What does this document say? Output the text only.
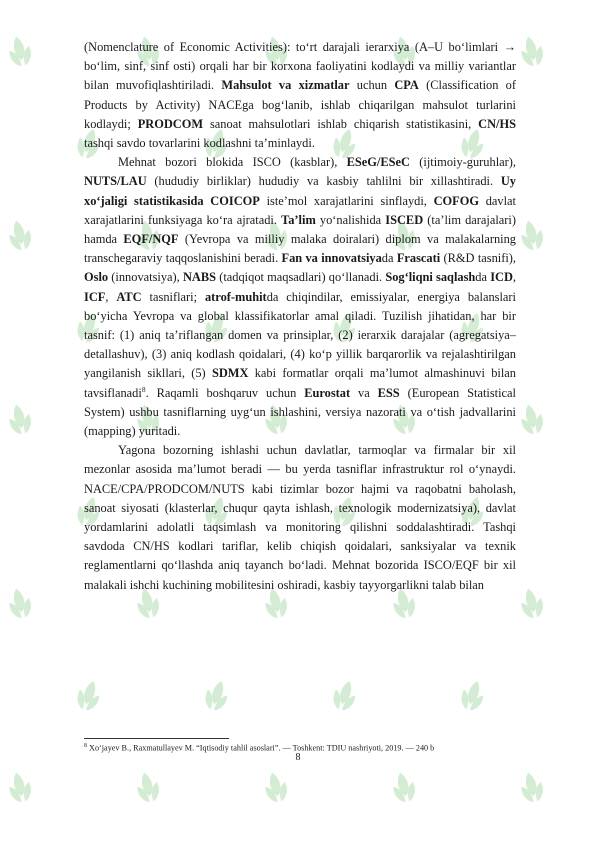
(Nomenclature of Economic Activities): to‘rt darajali ierarxiya (A–U bo‘limlari → bo‘lim, sinf, sinf osti) orqali har bir korxona faoliyatini kodlaydi va milliy variantlar bilan muvofiqlashtiriladi. Mahsulot va xizmatlar uchun CPA (Classification of Products by Activity) NACEga bog‘lanib, ishlab chiqarilgan mahsulot turlarini kodlaydi; PRODCOM sanoat mahsulotlari ishlab chiqarish statistikasini, CN/HS tashqi savdo tovarlarini kodlashni ta’minlaydi.

Mehnat bozori blokida ISCO (kasblar), ESeG/ESeC (ijtimoiy-guruhlar), NUTS/LAU (hududiy birliklar) hududiy va kasbiy tahlilni bir xillashtiradi. Uy xo‘jaligi statistikasida COICOP iste’mol xarajatlarini sinflaydi, COFOG davlat xarajatlarini funksiyaga ko‘ra ajratadi. Ta’lim yo‘nalishida ISCED (ta’lim darajalari) hamda EQF/NQF (Yevropa va milliy malaka doiralari) diplom va malakalarning transchegaraviy taqqoslanishini beradi. Fan va innovatsiyada Frascati (R&D tasnifi), Oslo (innovatsiya), NABS (tadqiqot maqsadlari) qo‘llanadi. Sog‘liqni saqlashda ICD, ICF, ATC tasniflari; atrof-muhitda chiqindilar, emissiyalar, energiya balanslari bo‘yicha Yevropa va global klassifikatorlar amal qiladi. Tuzilish jihatidan, har bir tasnif: (1) aniq ta’riflangan domen va prinsiplar, (2) ierarxik darajalar (agregatsiya–detallashuv), (3) aniq kodlash qoidalari, (4) ko‘p yillik barqarorlik va rejalashtirilgan yangilanish sikllari, (5) SDMX kabi formatlar orqali ma’lumot almashinuvi bilan tavsiflanadi$^8$. Raqamli boshqaruv uchun Eurostat va ESS (European Statistical System) ushbu tasniflarning uyg‘un ishlashini, versiya nazorati va o‘tish jadvallarini (mapping) yuritadi.

Yagona bozorning ishlashi uchun davlatlar, tarmoqlar va firmalar bir xil mezonlar asosida ma’lumot beradi — bu yerda tasniflar infrastruktur rol o‘ynaydi. NACE/CPA/PRODCOM/NUTS kabi tizimlar bozor hajmi va raqobatni baholash, sanoat siyosati (klasterlar, chuqur qayta ishlash, texnologik modernizatsiya), davlat yordamlarini adolatli taqsimlash va monitoring qilishni soddalashtiradi. Tashqi savdoda CN/HS kodlari tariflar, kelib chiqish qoidalari, sanksiyalar va texnik reglamentlarni qo‘llashda aniq tayanch bo‘ladi. Mehnat bozorida ISCO/EQF bir xil malakali ishchi kuchining mobilitesini oshiradi, kasbiy tayyorgarlikni talab bilan

$^8$ Xo‘jayev B., Raxmatullayev M. “Iqtisodiy tahlil asoslari”. — Toshkent: TDIU nashriyoti, 2019. — 240 b
8
